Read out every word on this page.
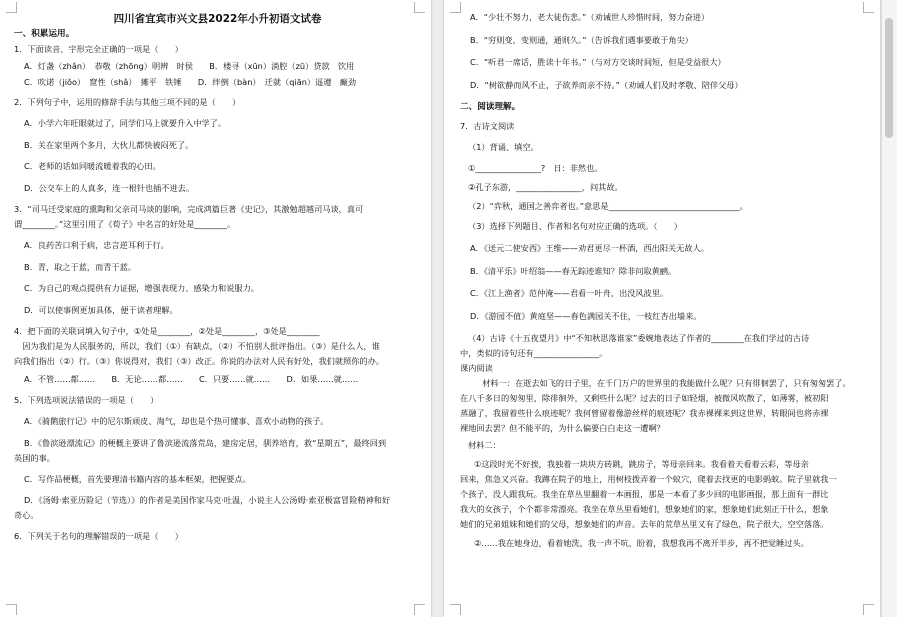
四川省宜宾市兴文县2022年小升初语文试卷
一、积累运用。
1．下面读音、字形完全正确的一项是（　　）
A．灯盏（zhǎn）　恭敬（zhōng）明辨　时侯　　B．楼寻（xūn）淌腔（zū）贷款　饮用
C．吹诺（jiǒo）　窟性（shǎ）　摊平　铁锤　　D．绊倒（bàn）　迁就（qiān）遥遵　癫劲
2．下列句子中，运用的修辞手法与其他三项不同的是（　　）
A．小学六年旺眼就过了，同学们马上就要升入中学了。
B．关在家里两个多月，大伙儿都快被闷死了。
C．老师的话如同暖流暖着我的心田。
D．公交车上的人真多，连一根针也插不进去。
3．“司马迁受家庭的熏陶和父亲司马谈的影响，完成鸿篇巨著《史记》，其激勉超越司马谈，真可
谓________。”这里引用了《荀子》中名言的好处是________。
A．良药苦口利于病，忠言逆耳利于行。
B．青，取之于蓝，而青于蓝。
C．为自己的观点提供有力证据，增强表现力、感染力和说服力。
D．可以使事例更加具体，便于读者理解。
4．把下面的关联词填入句子中，①处是________，②处是________，③处是________
　因为我们是为人民服务的，所以，我们（①）有缺点，（②）不怕别人批评指出。（③）是什么人，谁
向我们指出（②）行。（③）你说得对，我们（③）改正。你说的办法对人民有好处，我们就照你的办。
A．不管……都……　　B．无论……都……　　C．只要……就……　　D．如果……就……
5．下列选项说法错误的一项是（　　）
A．《骑鹅旅行记》中的尼尔斯顽皮、淘气，却也是个热可懂事、喜欢小动物的孩子。
B．《鲁滨逊漂流记》的梗概主要讲了鲁滨逊流落荒岛，建房定居，驯养培育，救“星期五”，最终回到
英国的事。
C．写作品梗概，首先要理清书籍内容的基本框架，把握要点。
D．《汤姆·索亚历险记（节选）》的作者是美国作家马克·吐温，小说主人公汤姆·索亚极富冒险精神和好
奇心。
6．下列关于名句的理解错误的一项是（　　）
A．“少壮不努力，老大徒伤悲。”（劝诫世人珍惜时间，努力奋进）
B．“穷则变，变则通，通则久。”（告诉我们遇事要敢于角尖）
C．“听君一席话，胜读十年书。”（与对方交谈时间短，但是受益很大）
D．“树欲静而风不止，子欲养而亲不待。”（劝诫人们及时孝敬、陪伴父母）
二、阅读理解。
7．古诗文阅读
（1）背诵、填空。
①________________?　日：非然也。
②孔子东游，________________，问其故。
（2）“弈秋，通国之善弈者也。”意思是________________________________。
（3）选择下列题目、作者和名句对应正确的选项。（　　）
A．《送元二使安西》王维——劝君更尽一杯酒，西出阳关无故人。
B．《清平乐》叶绍翁——春无踪迹谁知？除非问取黄鹂。
C．《江上渔者》范仲淹——君看一叶舟，出没风波里。
D．《游园不值》黄庭坚——春色满园关不住，一枝红杏出墙来。
（4）古诗《十五夜望月》中“不知秋思落谁家”委婉地表达了作者的________在我们学过的古诗
中，类似的诗句还有________________。
课内阅读
　材料一：在逝去如飞的日子里，在千门万户的世界里的我能做什么呢？只有徘徊罢了，只有匆匆罢了。
在八千多日的匆匆里，除徘徊外，又剩些什么呢？过去的日子如轻烟，被微风吹散了，如薄雾，被初阳
蒸融了，我留着些什么痕迹呢？我何曾留着像游丝样的痕迹呢？我赤裸裸来到这世界，转眼间也将赤裸
裸地回去罢？但不能平的，为什么偏要白白走这一遭啊？
材料二：
①这段时光不好挨，我独着一块块方砖跳，跳房子，等母亲回来。我看着天看着云彩，等母亲
回来，焦急又兴奋。我蹲在院子的地上，用树枝拨弄着一个蚁穴，爬着去找更的电影蚂蚁。院子里就我一
个孩子，没人跟我玩。我坐在草丛里翻着一本画报，那是一本看了多少回的电影画报，那上面有一群比
我大的女孩子，个个都非常漂亮。我坐在草丛里看她们，想象她们的家，想象她们此刻正干什么，想象
她们的兄弟姐妹和她们的父母，想象她们的声音。去年的荒草丛里又有了绿色，院子很大，空空落落。
②……我在她身边，看着她洗，我一声不吭，盼着，我想我再不离开半步，再不把觉睡过头。
